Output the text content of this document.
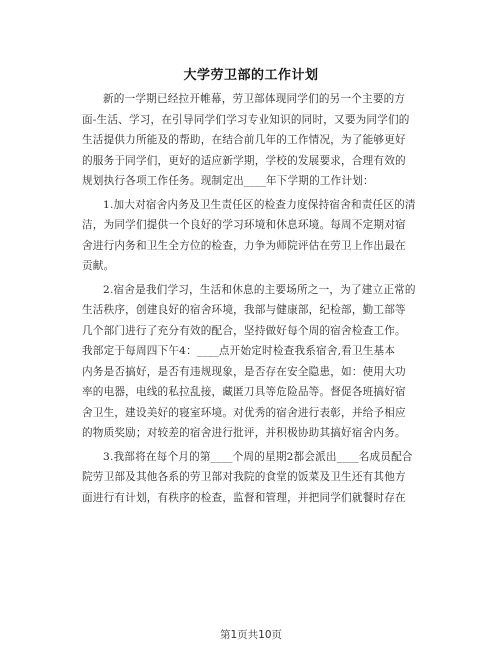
大学劳卫部的工作计划
新的一学期已经拉开帷幕，劳卫部体现同学们的另一个主要的方
面-生活、学习，在引导同学们学习专业知识的同时，又要为同学们的
生活提供力所能及的帮助，在结合前几年的工作情况，为了能够更好
的服务于同学们，更好的适应新学期，学校的发展要求，合理有效的
规划执行各项工作任务。现制定出____年下学期的工作计划：
1.加大对宿舍内务及卫生责任区的检查力度保持宿舍和责任区的清
洁，为同学们提供一个良好的学习环境和休息环境。每周不定期对宿
舍进行内务和卫生全方位的检查，力争为师院评估在劳卫上作出最在
贡献。
2.宿舍是我们学习，生活和休息的主要场所之一，为了建立正常的
生活秩序，创建良好的宿舍环境，我部与健康部，纪检部，勤工部等
几个部门进行了充分有效的配合，坚持做好每个周的宿舍检查工作。
我部定于每周四下午4：____点开始定时检查我系宿舍,看卫生基本
内务是否搞好，是否有违规现象，是否存在安全隐患，如：使用大功
率的电器，电线的私拉乱接，藏匿刀具等危险品等。督促各班搞好宿
舍卫生，建设美好的寝室环境。对优秀的宿舍进行表彰，并给予相应
的物质奖励；对较差的宿舍进行批评，并积极协助其搞好宿舍内务。
3.我部将在每个月的第____个周的星期2都会派出____名成员配合
院劳卫部及其他各系的劳卫部对我院的食堂的饭菜及卫生还有其他方
面进行有计划，有秩序的检查，监督和管理，并把同学们就餐时存在
第1页共10页
